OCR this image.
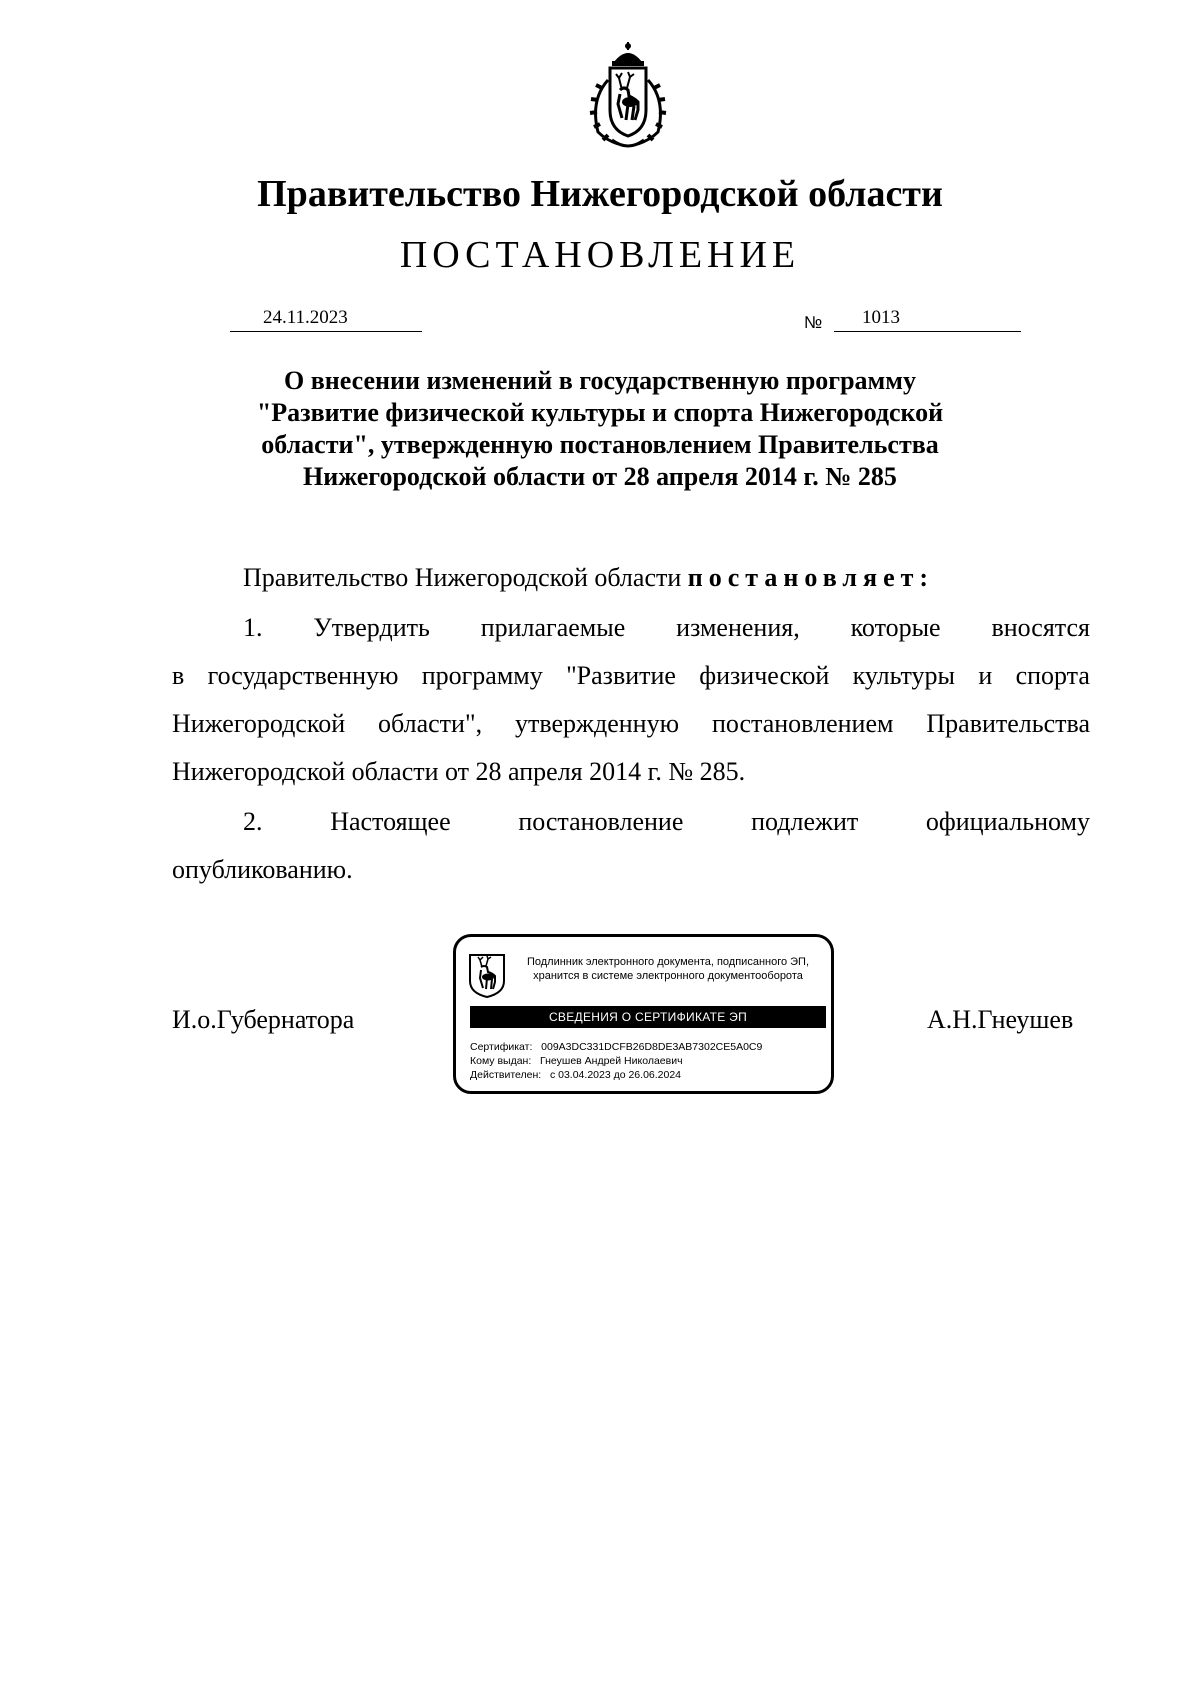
Правительство Нижегородской области
ПОСТАНОВЛЕНИЕ
24.11.2023	№ 1013
О внесении изменений в государственную программу
"Развитие физической культуры и спорта Нижегородской
области", утвержденную постановлением Правительства
Нижегородской области от 28 апреля 2014 г. № 285
Правительство Нижегородской области постановляет:
1. Утвердить прилагаемые изменения, которые вносятся
в государственную программу "Развитие физической культуры и спорта
Нижегородской области", утвержденную постановлением Правительства
Нижегородской области от 28 апреля 2014 г. № 285.
2.	Настоящее	постановление	подлежит	официальному
опубликованию.
И.о.Губернатора	А.Н.Гнеушев
Подлинник электронного документа, подписанного ЭП,
хранится в системе электронного документооборота
СВЕДЕНИЯ О СЕРТИФИКАТЕ ЭП
Сертификат:   009A3DC331DCFB26D8DE3AB7302CE5A0C9
Кому выдан:   Гнеушев Андрей Николаевич
Действителен:   с 03.04.2023 до 26.06.2024
